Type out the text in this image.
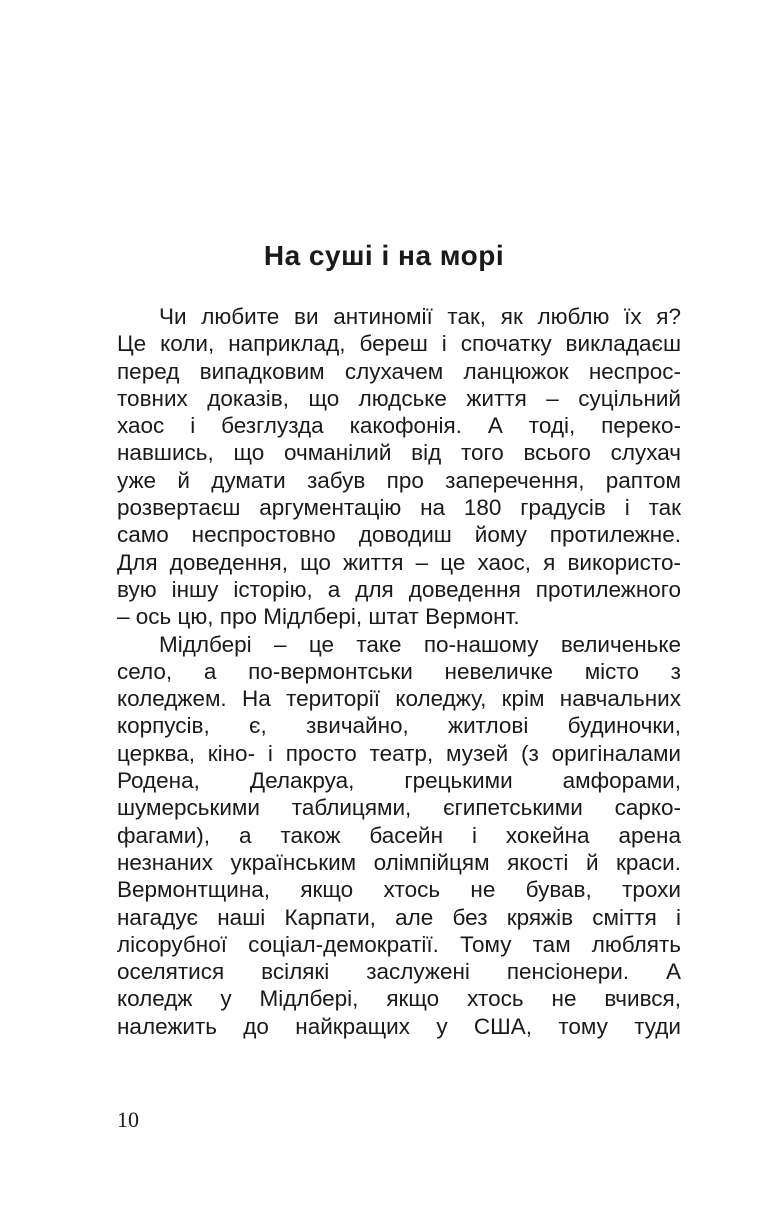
На суші і на морі
Чи любите ви антиномії так, як люблю їх я?
Це коли, наприклад, береш і спочатку викладаєш
перед випадковим слухачем ланцюжок неспрос-
товних доказів, що людське життя – суцільний
хаос і безглузда какофонія. А тоді, переко-
навшись, що очманілий від того всього слухач
уже й думати забув про заперечення, раптом
розвертаєш аргументацію на 180 градусів і так
само неспростовно доводиш йому протилежне.
Для доведення, що життя – це хаос, я використо-
вую іншу історію, а для доведення протилежного
– ось цю, про Мідлбері, штат Вермонт.
Мідлбері – це таке по-нашому величеньке
село, а по-вермонтськи невеличке місто з
коледжем. На території коледжу, крім навчальних
корпусів, є, звичайно, житлові будиночки,
церква, кіно- і просто театр, музей (з оригіналами
Родена, Делакруа, грецькими амфорами,
шумерськими таблицями, єгипетськими сарко-
фагами), а також басейн і хокейна арена
незнаних українським олімпійцям якості й краси.
Вермонтщина, якщо хтось не бував, трохи
нагадує наші Карпати, але без кряжів сміття і
лісорубної соціал-демократії. Тому там люблять
оселятися всілякі заслужені пенсіонери. А
коледж у Мідлбері, якщо хтось не вчився,
належить до найкращих у США, тому туди
10
